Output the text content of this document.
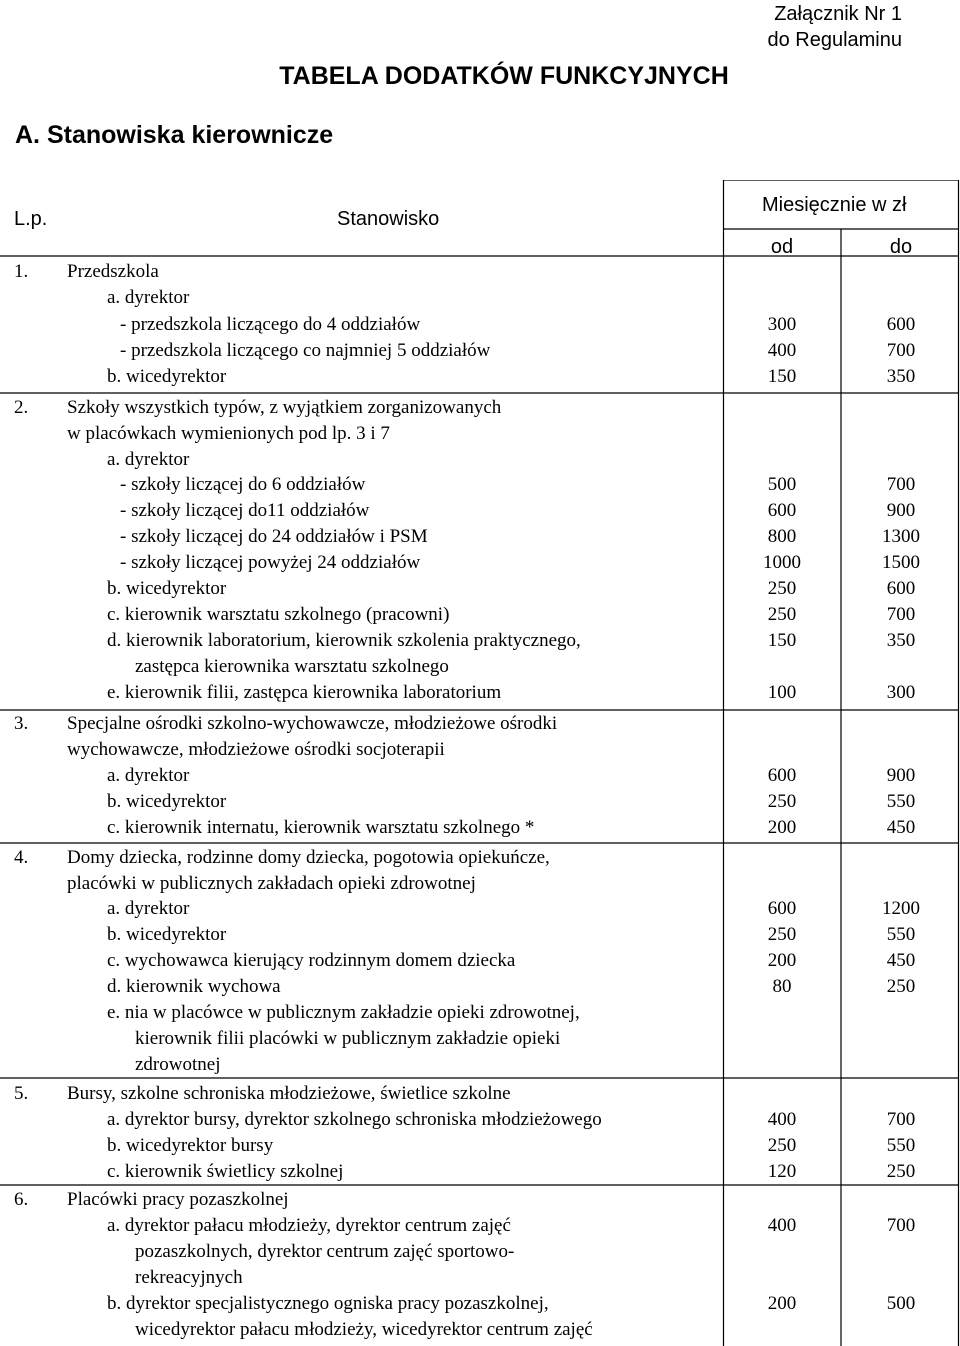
Załącznik Nr 1
do Regulaminu
TABELA DODATKÓW FUNKCYJNYCH
A. Stanowiska kierownicze
L.p.	Stanowisko
Miesięcznie w zł
od	do
1. Przedszkola
a. dyrektor
- przedszkola liczącego do 4 oddziałów	300	600
- przedszkola liczącego co najmniej 5 oddziałów	400	700
b. wicedyrektor	150	350
2. Szkoły wszystkich typów, z wyjątkiem zorganizowanych
w placówkach wymienionych pod lp. 3 i 7
a. dyrektor
- szkoły liczącej do 6 oddziałów	500	700
- szkoły liczącej do11 oddziałów	600	900
- szkoły liczącej do 24 oddziałów i PSM	800	1300
- szkoły liczącej powyżej 24 oddziałów	1000	1500
b. wicedyrektor	250	600
c. kierownik warsztatu szkolnego (pracowni)	250	700
d. kierownik laboratorium, kierownik szkolenia praktycznego,	150	350
zastępca kierownika warsztatu szkolnego
e. kierownik filii, zastępca kierownika laboratorium	100	300
3. Specjalne ośrodki szkolno-wychowawcze, młodzieżowe ośrodki
wychowawcze, młodzieżowe ośrodki socjoterapii
a. dyrektor	600	900
b. wicedyrektor	250	550
c. kierownik internatu, kierownik warsztatu szkolnego *	200	450
4. Domy dziecka, rodzinne domy dziecka, pogotowia opiekuńcze,
placówki w publicznych zakładach opieki zdrowotnej
a. dyrektor	600	1200
b. wicedyrektor	250	550
c. wychowawca kierujący rodzinnym domem dziecka	200	450
d. kierownik wychowa	80	250
e. nia w placówce w publicznym zakładzie opieki zdrowotnej,
kierownik filii placówki w publicznym zakładzie opieki
zdrowotnej
5. Bursy, szkolne schroniska młodzieżowe, świetlice szkolne
a. dyrektor bursy, dyrektor szkolnego schroniska młodzieżowego	400	700
b. wicedyrektor bursy	250	550
c. kierownik świetlicy szkolnej	120	250
6. Placówki pracy pozaszkolnej
a. dyrektor pałacu młodzieży, dyrektor centrum zajęć	400	700
pozaszkolnych, dyrektor centrum zajęć sportowo-
rekreacyjnych
b. dyrektor specjalistycznego ogniska pracy pozaszkolnej,	200	500
wicedyrektor pałacu młodzieży, wicedyrektor centrum zajęć
